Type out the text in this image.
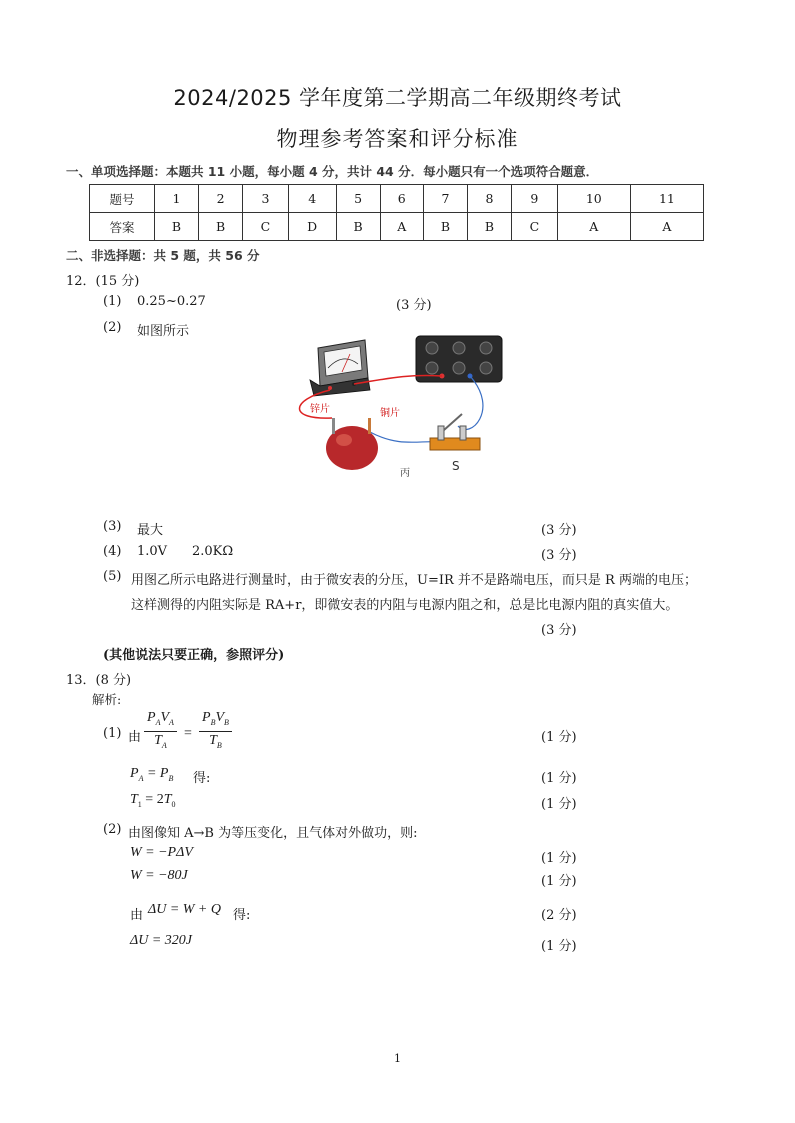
2024/2025 学年度第二学期高二年级期终考试
物理参考答案和评分标准
一、单项选择题：本题共 11 小题，每小题 4 分，共计 44 分．每小题只有一个选项符合题意．
题号	1	2	3	4	5	6	7	8	9	10	11
答案	B	B	C	D	B	A	B	B	C	A	A
二、非选择题：共 5 题，共 56 分
12．(15 分)
(1) 0.25~0.27	(3 分)
(2) 如图所示
锌片	铜片
S
丙
(3) 最大	(3 分)
(4) 1.0V 2.0KΩ	(3 分)
(5) 用图乙所示电路进行测量时，由于微安表的分压，U=IR 并不是路端电压，而只是 R 两端的电压；
这样测得的内阻实际是 RA+r，即微安表的内阻与电源内阻之和，总是比电源内阻的真实值大。
(3 分)
(其他说法只要正确，参照评分)
13．(8 分)
解析:
(1) 由 $\frac{P_AV_A}{T_A} = \frac{P_BV_B}{T_B}$	(1 分)
$P_A = P_B$ 得:	(1 分)
$T_1 = 2T_0$	(1 分)
(2) 由图像知 A→B 为等压变化，且气体对外做功，则:
W = −PΔV	(1 分)
W = −80J	(1 分)
由 ΔU = W + Q 得:	(2 分)
ΔU = 320J	(1 分)
1
